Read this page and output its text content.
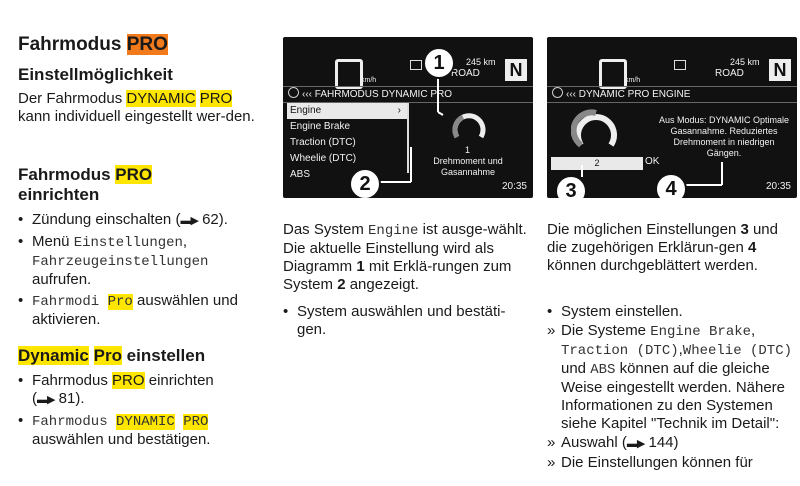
Fahrmodus PRO
Einstellmöglichkeit

Der Fahrmodus DYNAMIC PRO kann individuell eingestellt wer-den.

Fahrmodus PRO
einrichten
• Zündung einschalten (▬▶ 62).
• Menü Einstellungen,
Fahrzeugeinstellungen
aufrufen.
• Fahrmodi Pro auswählen und aktivieren.
Dynamic Pro einstellen
• Fahrmodus PRO einrichten
(▬▶ 81).
• Fahrmodus DYNAMIC PRO
auswählen und bestätigen.
km/h
245 km
ROAD N
‹‹‹ FAHRMODUS DYNAMIC PRO
Engine ›
Engine Brake
Traction (DTC)
Wheelie (DTC)
ABS
1
Drehmoment und Gasannahme
20:35
1
2

Das System Engine ist ausge-wählt. Die aktuelle Einstellung wird als Diagramm 1 mit Erklä-rungen zum System 2 angezeigt.

• System auswählen und bestäti-gen.
km/h
245 km
ROAD N
‹‹‹ DYNAMIC PRO ENGINE
Aus Modus: DYNAMIC Optimale Gasannahme. Reduziertes Drehmoment in niedrigen Gängen.
2	OK
20:35
3	4

Die möglichen Einstellungen 3 und die zugehörigen Erklärun-gen 4 können durchgeblättert werden.

• System einstellen.
» Die Systeme Engine Brake,
Traction (DTC),Wheelie (DTC) und ABS können auf die gleiche Weise eingestellt werden. Nähere Informationen zu den Systemen siehe Kapitel "Technik im Detail":
» Auswahl (▬▶ 144)
» Die Einstellungen können für
